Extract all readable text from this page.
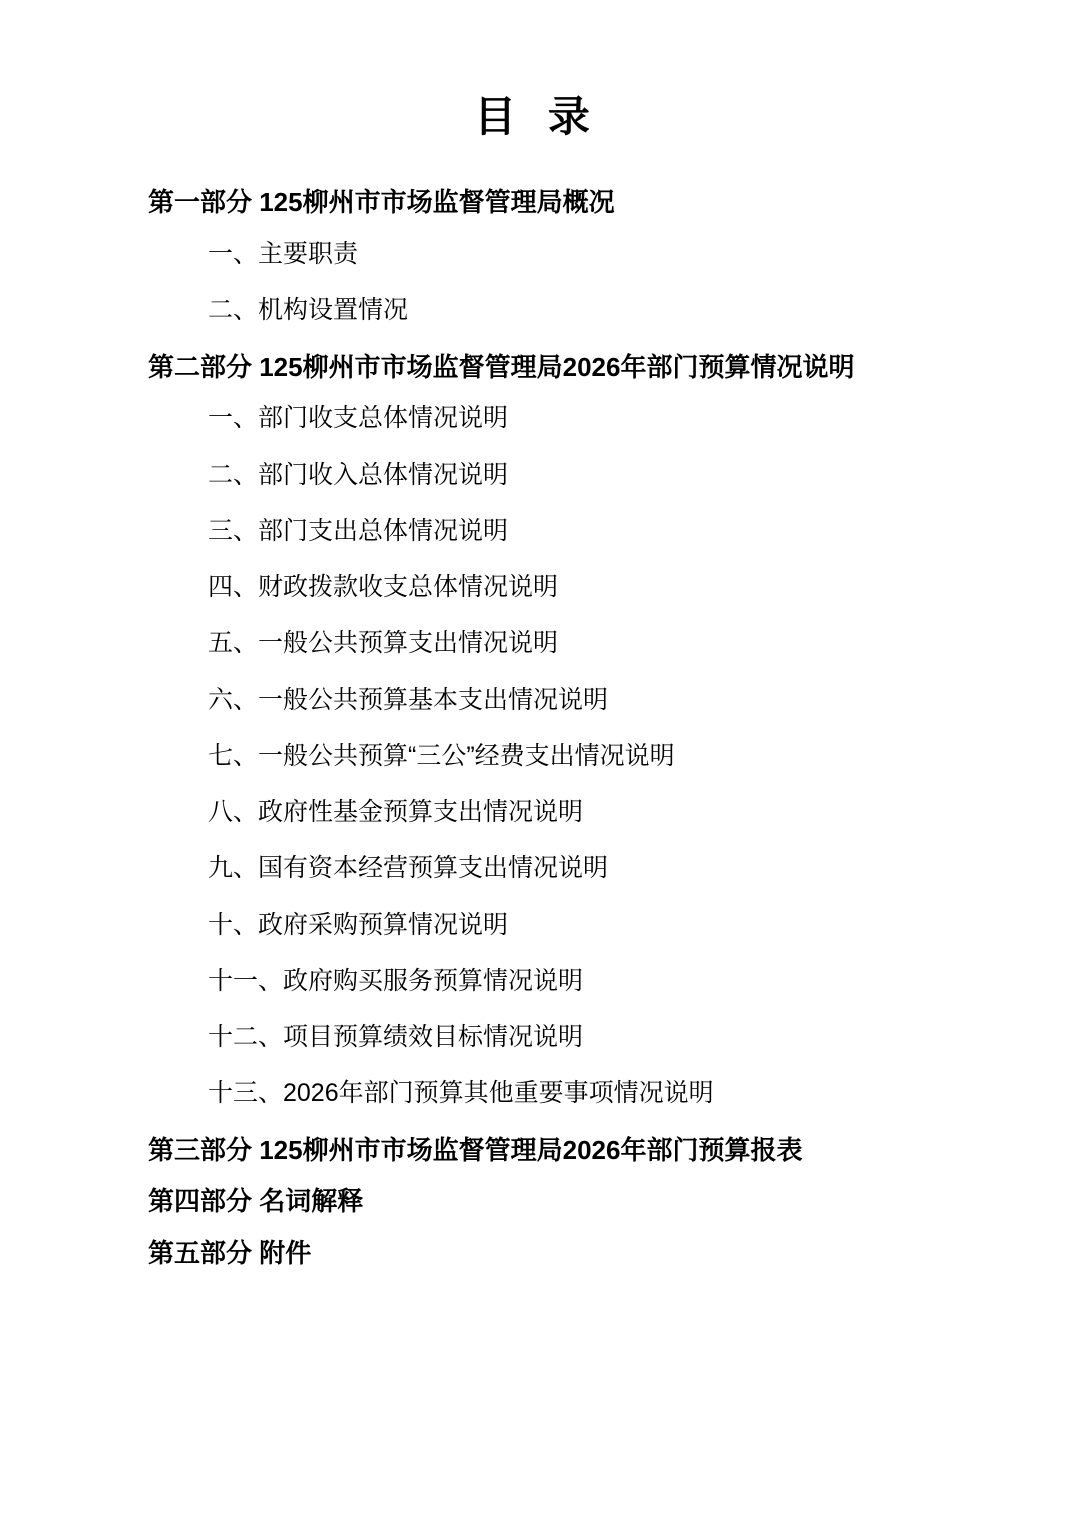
目 录

第一部分 125柳州市市场监督管理局概况

一、主要职责

二、机构设置情况

第二部分 125柳州市市场监督管理局2026年部门预算情况说明

一、部门收支总体情况说明

二、部门收入总体情况说明

三、部门支出总体情况说明

四、财政拨款收支总体情况说明

五、一般公共预算支出情况说明

六、一般公共预算基本支出情况说明

七、一般公共预算“三公”经费支出情况说明

八、政府性基金预算支出情况说明

九、国有资本经营预算支出情况说明

十、政府采购预算情况说明

十一、政府购买服务预算情况说明

十二、项目预算绩效目标情况说明

十三、2026年部门预算其他重要事项情况说明

第三部分 125柳州市市场监督管理局2026年部门预算报表

第四部分 名词解释

第五部分 附件
